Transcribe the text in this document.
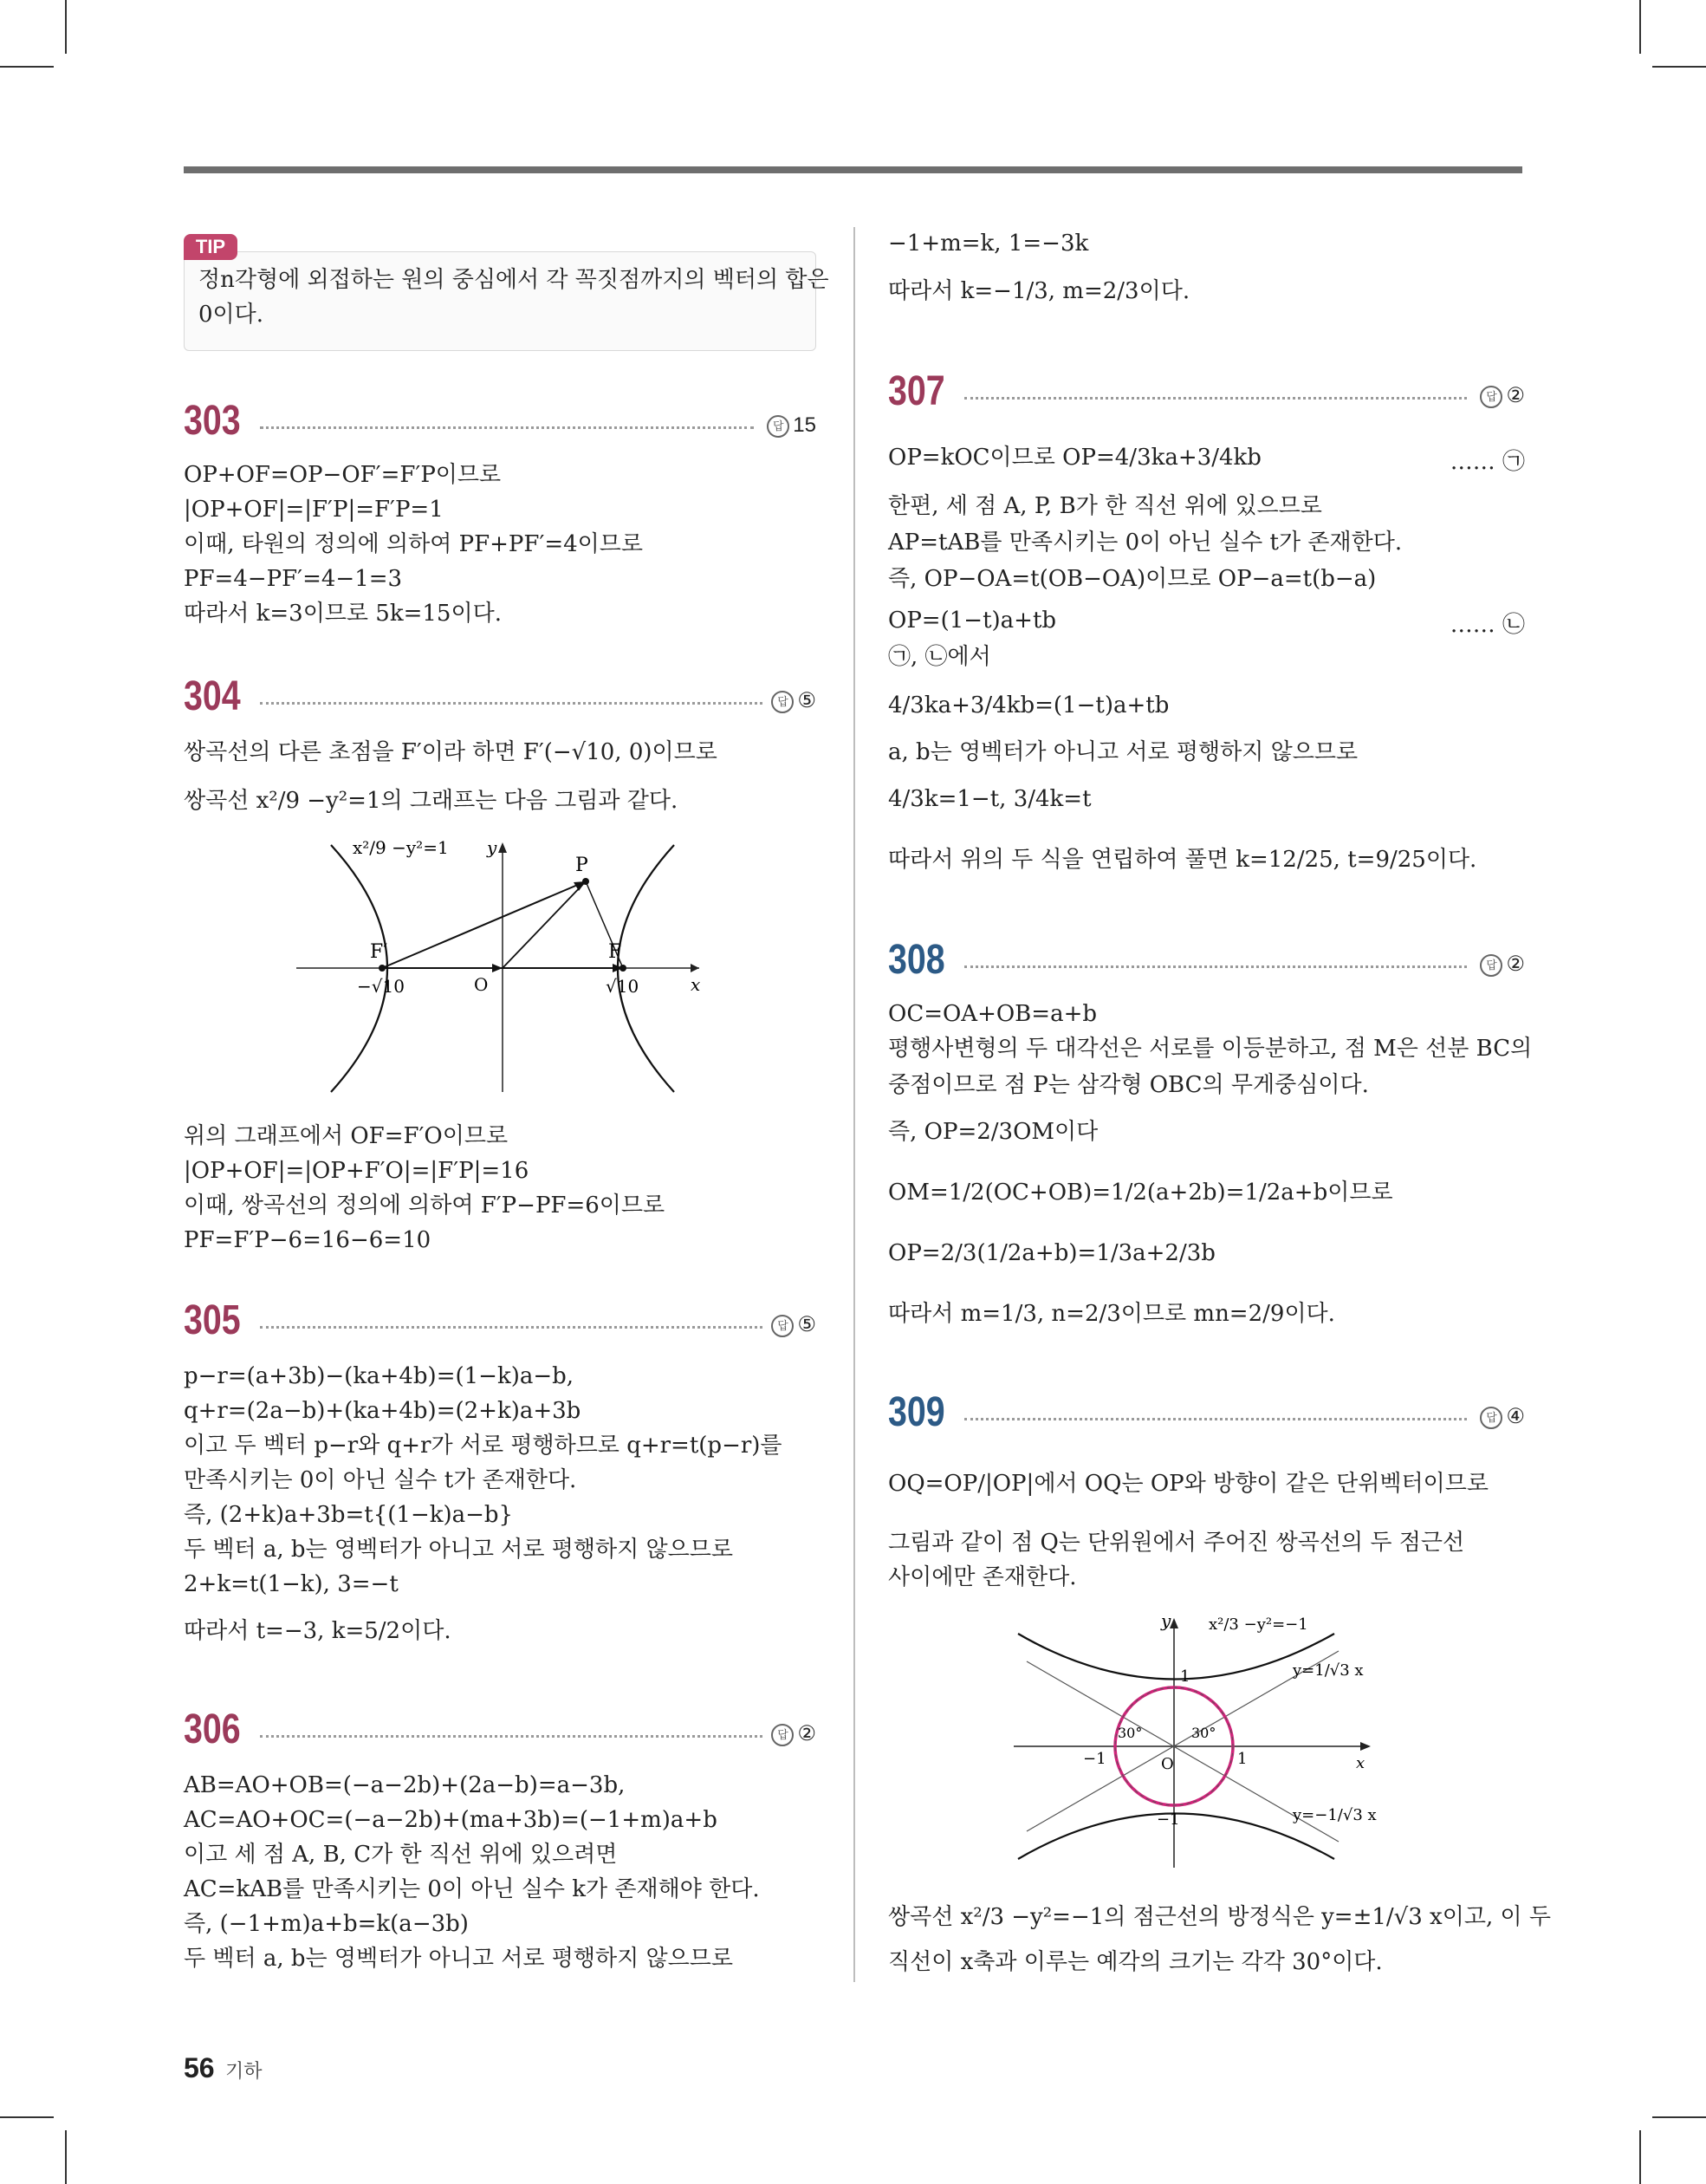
정n각형에 외접하는 원의 중심에서 각 꼭짓점까지의 벡터의 합은
0이다.
TIP
303	답 15
OP+OF=OP−OF′=F′P이므로
|OP+OF|=|F′P|=F′P=1
이때, 타원의 정의에 의하여 PF+PF′=4이므로
PF=4−PF′=4−1=3
따라서 k=3이므로 5k=15이다.
304	답 ⑤
쌍곡선의 다른 초점을 F′이라 하면 F′(−√10, 0)이므로
쌍곡선 x²/9 −y²=1의 그래프는 다음 그림과 같다.
x²/9 −y²=1 y
P
F′	F
O	x
−√10	√10
위의 그래프에서 OF=F′O이므로
|OP+OF|=|OP+F′O|=|F′P|=16
이때, 쌍곡선의 정의에 의하여 F′P−PF=6이므로
PF=F′P−6=16−6=10
305	답 ⑤
p−r=(a+3b)−(ka+4b)=(1−k)a−b,
q+r=(2a−b)+(ka+4b)=(2+k)a+3b
이고 두 벡터 p−r와 q+r가 서로 평행하므로 q+r=t(p−r)를
만족시키는 0이 아닌 실수 t가 존재한다.
즉, (2+k)a+3b=t{(1−k)a−b}
두 벡터 a, b는 영벡터가 아니고 서로 평행하지 않으므로
2+k=t(1−k), 3=−t
따라서 t=−3, k=5/2이다.
306	답 ②
AB=AO+OB=(−a−2b)+(2a−b)=a−3b,
AC=AO+OC=(−a−2b)+(ma+3b)=(−1+m)a+b
이고 세 점 A, B, C가 한 직선 위에 있으려면
AC=kAB를 만족시키는 0이 아닌 실수 k가 존재해야 한다.
즉, (−1+m)a+b=k(a−3b)
두 벡터 a, b는 영벡터가 아니고 서로 평행하지 않으므로
−1+m=k, 1=−3k
따라서 k=−1/3, m=2/3이다.
307	답 ②
OP=kOC이므로 OP=4/3ka+3/4kb	…… ㉠
한편, 세 점 A, P, B가 한 직선 위에 있으므로
AP=tAB를 만족시키는 0이 아닌 실수 t가 존재한다.
즉, OP−OA=t(OB−OA)이므로 OP−a=t(b−a)
OP=(1−t)a+tb	…… ㉡
㉠, ㉡에서
4/3ka+3/4kb=(1−t)a+tb
a, b는 영벡터가 아니고 서로 평행하지 않으므로
4/3k=1−t, 3/4k=t
따라서 위의 두 식을 연립하여 풀면 k=12/25, t=9/25이다.
308	답 ②
OC=OA+OB=a+b
평행사변형의 두 대각선은 서로를 이등분하고, 점 M은 선분 BC의
중점이므로 점 P는 삼각형 OBC의 무게중심이다.
즉, OP=2/3OM이다
OM=1/2(OC+OB)=1/2(a+2b)=1/2a+b이므로
OP=2/3(1/2a+b)=1/3a+2/3b
따라서 m=1/3, n=2/3이므로 mn=2/9이다.
309	답 ④
OQ=OP/|OP|에서 OQ는 OP와 방향이 같은 단위벡터이므로
그림과 같이 점 Q는 단위원에서 주어진 쌍곡선의 두 점근선
사이에만 존재한다.
y x²/3 −y²=−1
1	y=1/√3 x
30°	30°
−1	O	1	x
y=−1/√3 x
−1
쌍곡선 x²/3 −y²=−1의 점근선의 방정식은 y=±1/√3 x이고, 이 두
직선이 x축과 이루는 예각의 크기는 각각 30°이다.
56 기하
